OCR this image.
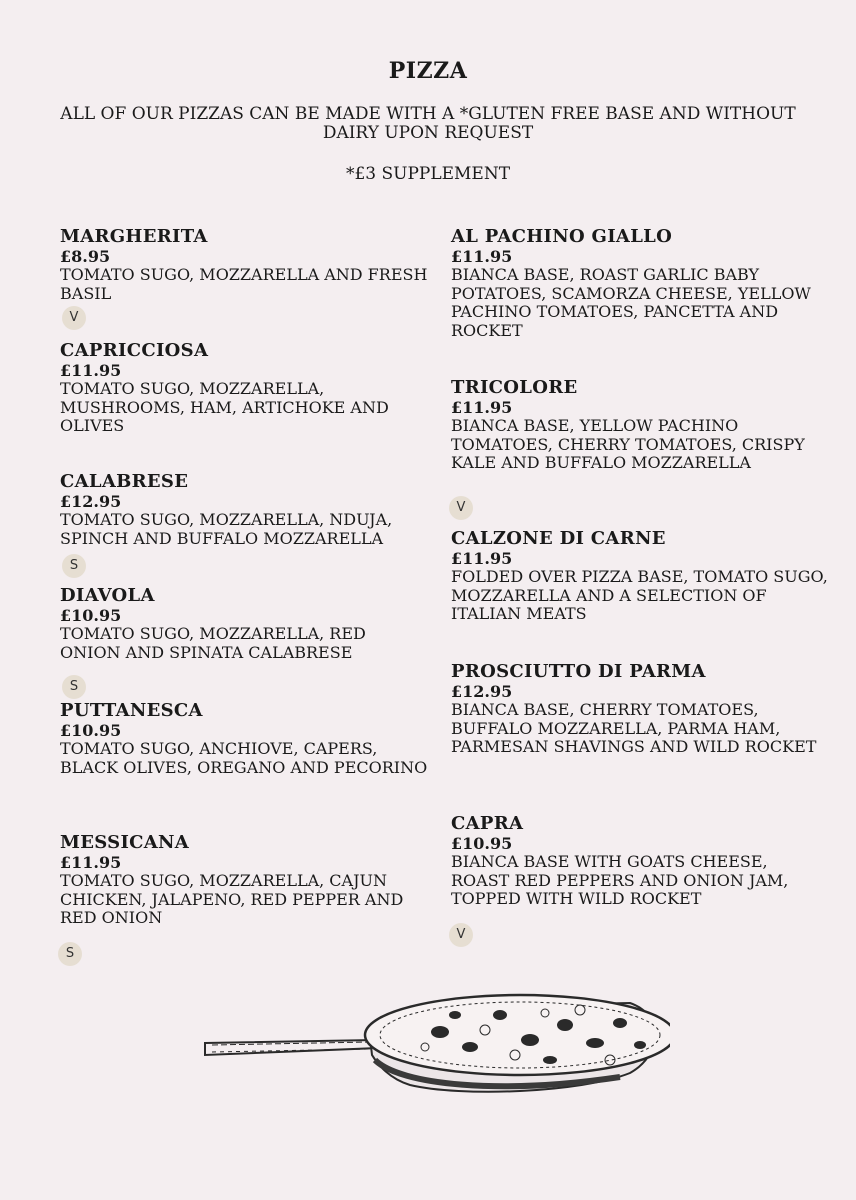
PIZZA
ALL OF OUR PIZZAS CAN BE MADE WITH A *GLUTEN FREE BASE AND WITHOUT DAIRY UPON REQUEST
*£3 SUPPLEMENT
MARGHERITA
£8.95
TOMATO SUGO, MOZZARELLA AND FRESH BASIL
V
CAPRICCIOSA
£11.95
TOMATO SUGO, MOZZARELLA, MUSHROOMS, HAM, ARTICHOKE AND OLIVES
CALABRESE
£12.95
TOMATO SUGO, MOZZARELLA, NDUJA, SPINCH AND BUFFALO MOZZARELLA
S
DIAVOLA
£10.95
TOMATO SUGO, MOZZARELLA, RED ONION AND SPINATA CALABRESE
S
PUTTANESCA
£10.95
TOMATO SUGO, ANCHIOVE, CAPERS, BLACK OLIVES, OREGANO AND PECORINO
MESSICANA
£11.95
TOMATO SUGO, MOZZARELLA, CAJUN CHICKEN, JALAPENO, RED PEPPER AND RED ONION
S
AL PACHINO GIALLO
£11.95
BIANCA BASE, ROAST GARLIC BABY POTATOES, SCAMORZA CHEESE, YELLOW PACHINO TOMATOES, PANCETTA AND ROCKET
TRICOLORE
£11.95
BIANCA BASE, YELLOW PACHINO TOMATOES, CHERRY TOMATOES, CRISPY KALE AND BUFFALO MOZZARELLA
V
CALZONE DI CARNE
£11.95
FOLDED OVER PIZZA BASE, TOMATO SUGO, MOZZARELLA AND A SELECTION OF ITALIAN MEATS
PROSCIUTTO DI PARMA
£12.95
BIANCA BASE, CHERRY TOMATOES, BUFFALO MOZZARELLA, PARMA HAM, PARMESAN SHAVINGS AND WILD ROCKET
CAPRA
£10.95
BIANCA BASE WITH GOATS CHEESE, ROAST RED PEPPERS AND ONION JAM, TOPPED WITH WILD ROCKET
V
